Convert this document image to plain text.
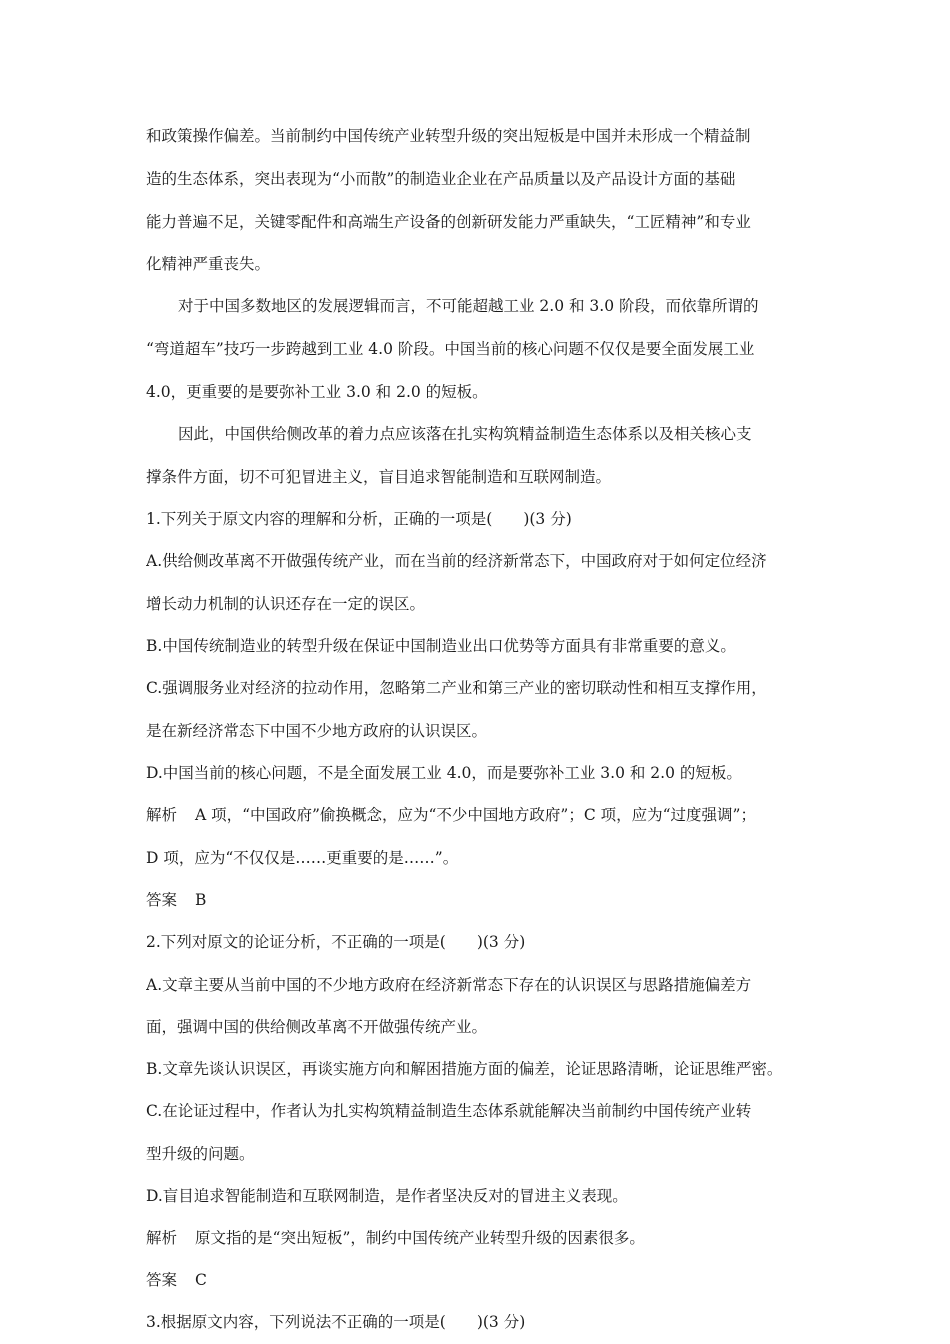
和政策操作偏差。当前制约中国传统产业转型升级的突出短板是中国并未形成一个精益制
造的生态体系，突出表现为“小而散”的制造业企业在产品质量以及产品设计方面的基础
能力普遍不足，关键零配件和高端生产设备的创新研发能力严重缺失，“工匠精神”和专业
化精神严重丧失。
对于中国多数地区的发展逻辑而言，不可能超越工业 2.0 和 3.0 阶段，而依靠所谓的
“弯道超车”技巧一步跨越到工业 4.0 阶段。中国当前的核心问题不仅仅是要全面发展工业
4.0，更重要的是要弥补工业 3.0 和 2.0 的短板。
因此，中国供给侧改革的着力点应该落在扎实构筑精益制造生态体系以及相关核心支
撑条件方面，切不可犯冒进主义，盲目追求智能制造和互联网制造。
1.下列关于原文内容的理解和分析，正确的一项是(　　)(3 分)
A.供给侧改革离不开做强传统产业，而在当前的经济新常态下，中国政府对于如何定位经济
增长动力机制的认识还存在一定的误区。
B.中国传统制造业的转型升级在保证中国制造业出口优势等方面具有非常重要的意义。
C.强调服务业对经济的拉动作用，忽略第二产业和第三产业的密切联动性和相互支撑作用，
是在新经济常态下中国不少地方政府的认识误区。
D.中国当前的核心问题，不是全面发展工业 4.0，而是要弥补工业 3.0 和 2.0 的短板。
解析 A 项，“中国政府”偷换概念，应为“不少中国地方政府”；C 项，应为“过度强调”；
D 项，应为“不仅仅是……更重要的是……”。
答案 B
2.下列对原文的论证分析，不正确的一项是(　　)(3 分)
A.文章主要从当前中国的不少地方政府在经济新常态下存在的认识误区与思路措施偏差方
面，强调中国的供给侧改革离不开做强传统产业。
B.文章先谈认识误区，再谈实施方向和解困措施方面的偏差，论证思路清晰，论证思维严密。
C.在论证过程中，作者认为扎实构筑精益制造生态体系就能解决当前制约中国传统产业转
型升级的问题。
D.盲目追求智能制造和互联网制造，是作者坚决反对的冒进主义表现。
解析 原文指的是“突出短板”，制约中国传统产业转型升级的因素很多。
答案 C
3.根据原文内容，下列说法不正确的一项是(　　)(3 分)
